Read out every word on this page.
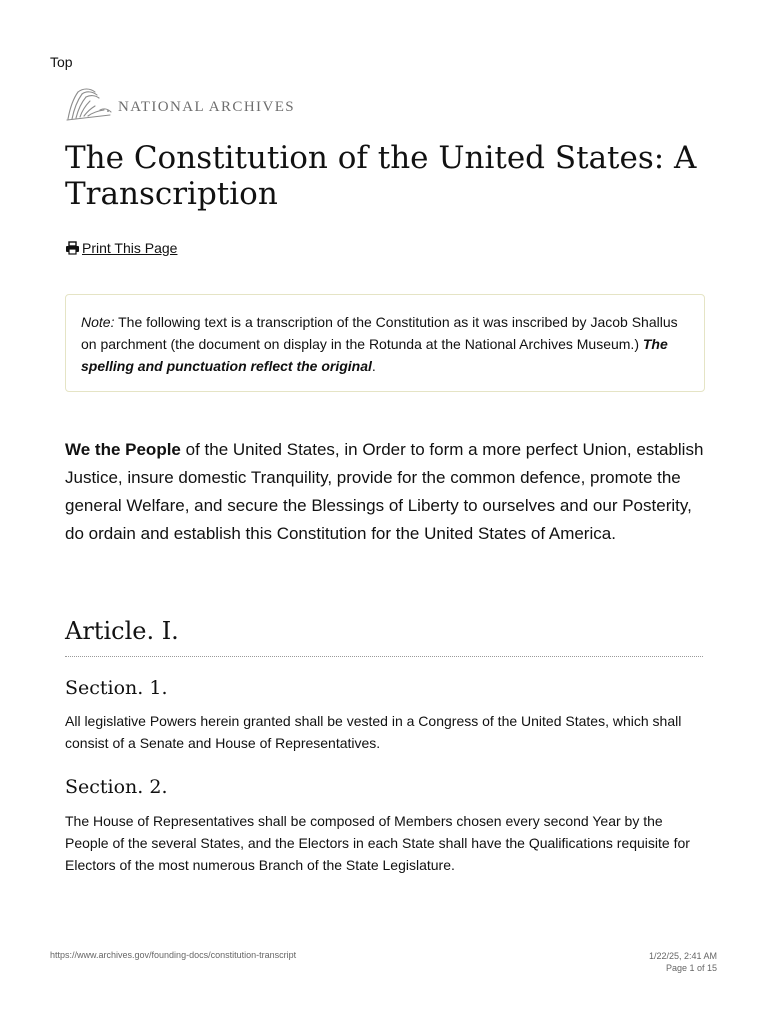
Top
NATIONAL ARCHIVES
The Constitution of the United States: A Transcription
Print This Page
Note: The following text is a transcription of the Constitution as it was inscribed by Jacob Shallus on parchment (the document on display in the Rotunda at the National Archives Museum.) The spelling and punctuation reflect the original.

We the People of the United States, in Order to form a more perfect Union, establish Justice, insure domestic Tranquility, provide for the common defence, promote the general Welfare, and secure the Blessings of Liberty to ourselves and our Posterity, do ordain and establish this Constitution for the United States of America.

Article. I.
Section. 1.

All legislative Powers herein granted shall be vested in a Congress of the United States, which shall consist of a Senate and House of Representatives.

Section. 2.

The House of Representatives shall be composed of Members chosen every second Year by the People of the several States, and the Electors in each State shall have the Qualifications requisite for Electors of the most numerous Branch of the State Legislature.

https://www.archives.gov/founding-docs/constitution-transcript	1/22/25, 2:41 AM
Page 1 of 15
